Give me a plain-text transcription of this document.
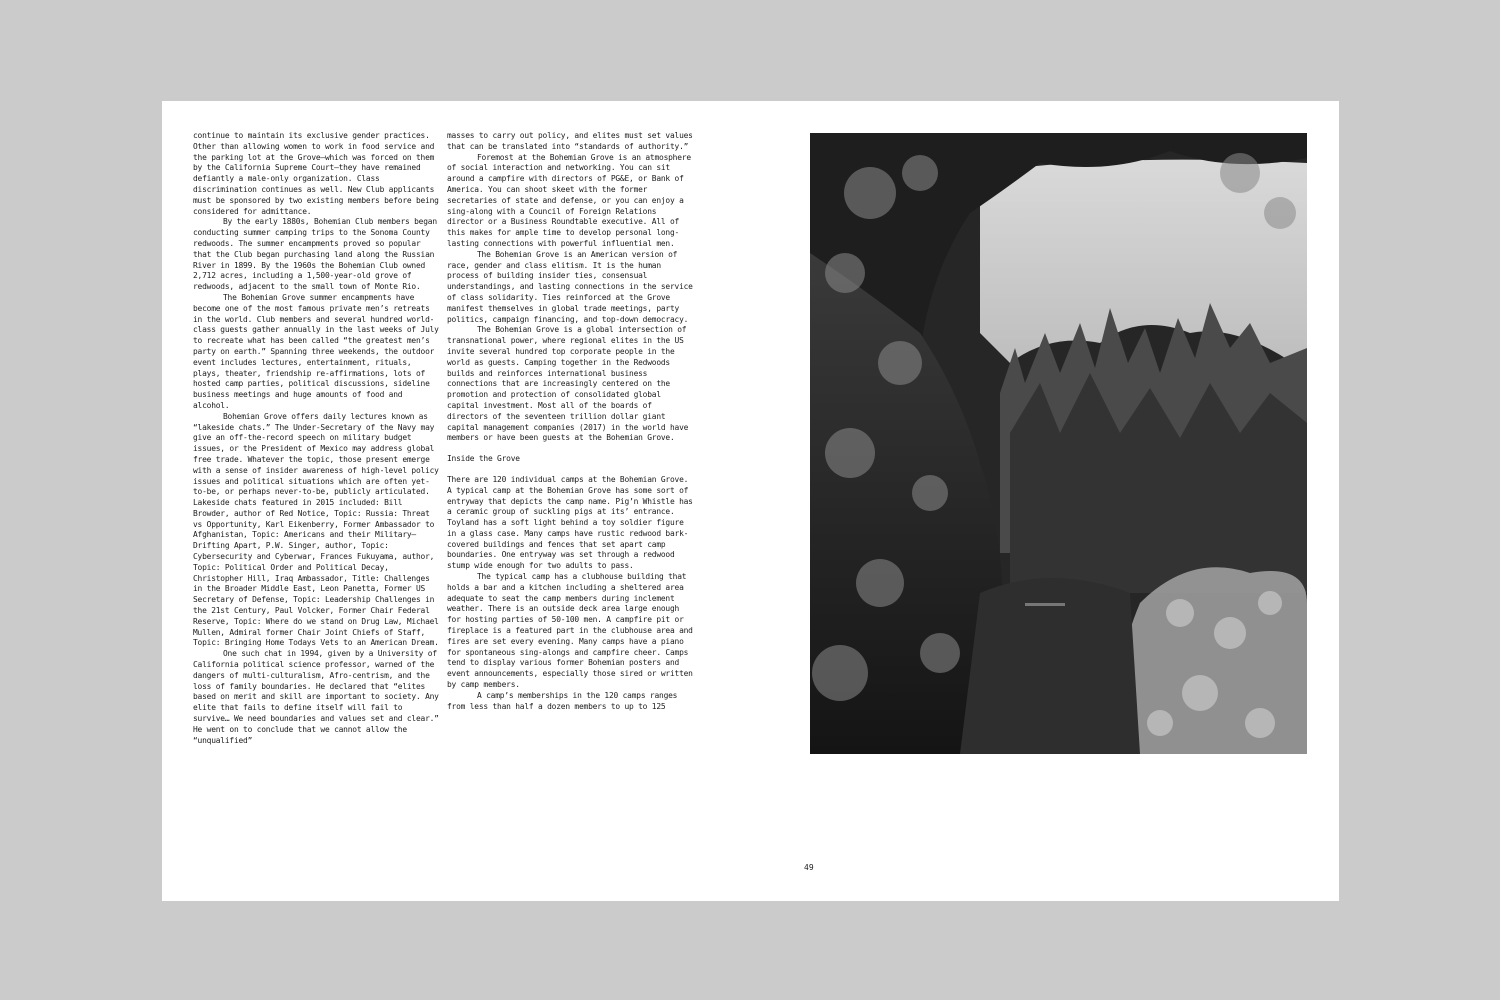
continue to maintain its exclusive gender practices. Other than allowing women to work in food service and the parking lot at the Grove—which was forced on them by the California Supreme Court—they have remained defiantly a male-only organization. Class discrimination continues as well. New Club applicants must be sponsored by two existing members before being considered for admittance.

By the early 1880s, Bohemian Club members began conducting summer camping trips to the Sonoma County redwoods. The summer encampments proved so popular that the Club began purchasing land along the Russian River in 1899. By the 1960s the Bohemian Club owned 2,712 acres, including a 1,500-year-old grove of redwoods, adjacent to the small town of Monte Rio.

The Bohemian Grove summer encampments have become one of the most famous private men’s retreats in the world. Club members and several hundred world-class guests gather annually in the last weeks of July to recreate what has been called “the greatest men’s party on earth.” Spanning three weekends, the outdoor event includes lectures, entertainment, rituals, plays, theater, friendship re-affirmations, lots of hosted camp parties, political discussions, sideline business meetings and huge amounts of food and alcohol.

Bohemian Grove offers daily lectures known as “lakeside chats.” The Under-Secretary of the Navy may give an off-the-record speech on military budget issues, or the President of Mexico may address global free trade. Whatever the topic, those present emerge with a sense of insider awareness of high-level policy issues and political situations which are often yet-to-be, or perhaps never-to-be, publicly articulated. Lakeside chats featured in 2015 included: Bill Browder, author of Red Notice, Topic: Russia: Threat vs Opportunity, Karl Eikenberry, Former Ambassador to Afghanistan, Topic: Americans and their Military—Drifting Apart, P.W. Singer, author, Topic: Cybersecurity and Cyberwar, Frances Fukuyama, author, Topic: Political Order and Political Decay, Christopher Hill, Iraq Ambassador, Title: Challenges in the Broader Middle East, Leon Panetta, Former US Secretary of Defense, Topic: Leadership Challenges in the 21st Century, Paul Volcker, Former Chair Federal Reserve, Topic: Where do we stand on Drug Law, Michael Mullen, Admiral former Chair Joint Chiefs of Staff, Topic: Bringing Home Todays Vets to an American Dream.

One such chat in 1994, given by a University of California political science professor, warned of the dangers of multi-culturalism, Afro-centrism, and the loss of family boundaries. He declared that “elites based on merit and skill are important to society. Any elite that fails to define itself will fail to survive… We need boundaries and values set and clear.” He went on to conclude that we cannot allow the “unqualified”

masses to carry out policy, and elites must set values that can be translated into “standards of authority.”

Foremost at the Bohemian Grove is an atmosphere of social interaction and networking. You can sit around a campfire with directors of PG&E, or Bank of America. You can shoot skeet with the former secretaries of state and defense, or you can enjoy a sing-along with a Council of Foreign Relations director or a Business Roundtable executive. All of this makes for ample time to develop personal long-lasting connections with powerful influential men.

The Bohemian Grove is an American version of race, gender and class elitism. It is the human process of building insider ties, consensual understandings, and lasting connections in the service of class solidarity. Ties reinforced at the Grove manifest themselves in global trade meetings, party politics, campaign financing, and top-down democracy.

The Bohemian Grove is a global intersection of transnational power, where regional elites in the US invite several hundred top corporate people in the world as guests. Camping together in the Redwoods builds and reinforces international business connections that are increasingly centered on the promotion and protection of consolidated global capital investment. Most all of the boards of directors of the seventeen trillion dollar giant capital management companies (2017) in the world have members or have been guests at the Bohemian Grove.

Inside the Grove

There are 120 individual camps at the Bohemian Grove. A typical camp at the Bohemian Grove has some sort of entryway that depicts the camp name. Pig’n Whistle has a ceramic group of suckling pigs at its’ entrance. Toyland has a soft light behind a toy soldier figure in a glass case. Many camps have rustic redwood bark-covered buildings and fences that set apart camp boundaries. One entryway was set through a redwood stump wide enough for two adults to pass.

The typical camp has a clubhouse building that holds a bar and a kitchen including a sheltered area adequate to seat the camp members during inclement weather. There is an outside deck area large enough for hosting parties of 50-100 men. A campfire pit or fireplace is a featured part in the clubhouse area and fires are set every evening. Many camps have a piano for spontaneous sing-alongs and campfire cheer. Camps tend to display various former Bohemian posters and event announcements, especially those sired or written by camp members.

A camp’s memberships in the 120 camps ranges from less than half a dozen members to up to 125

49
